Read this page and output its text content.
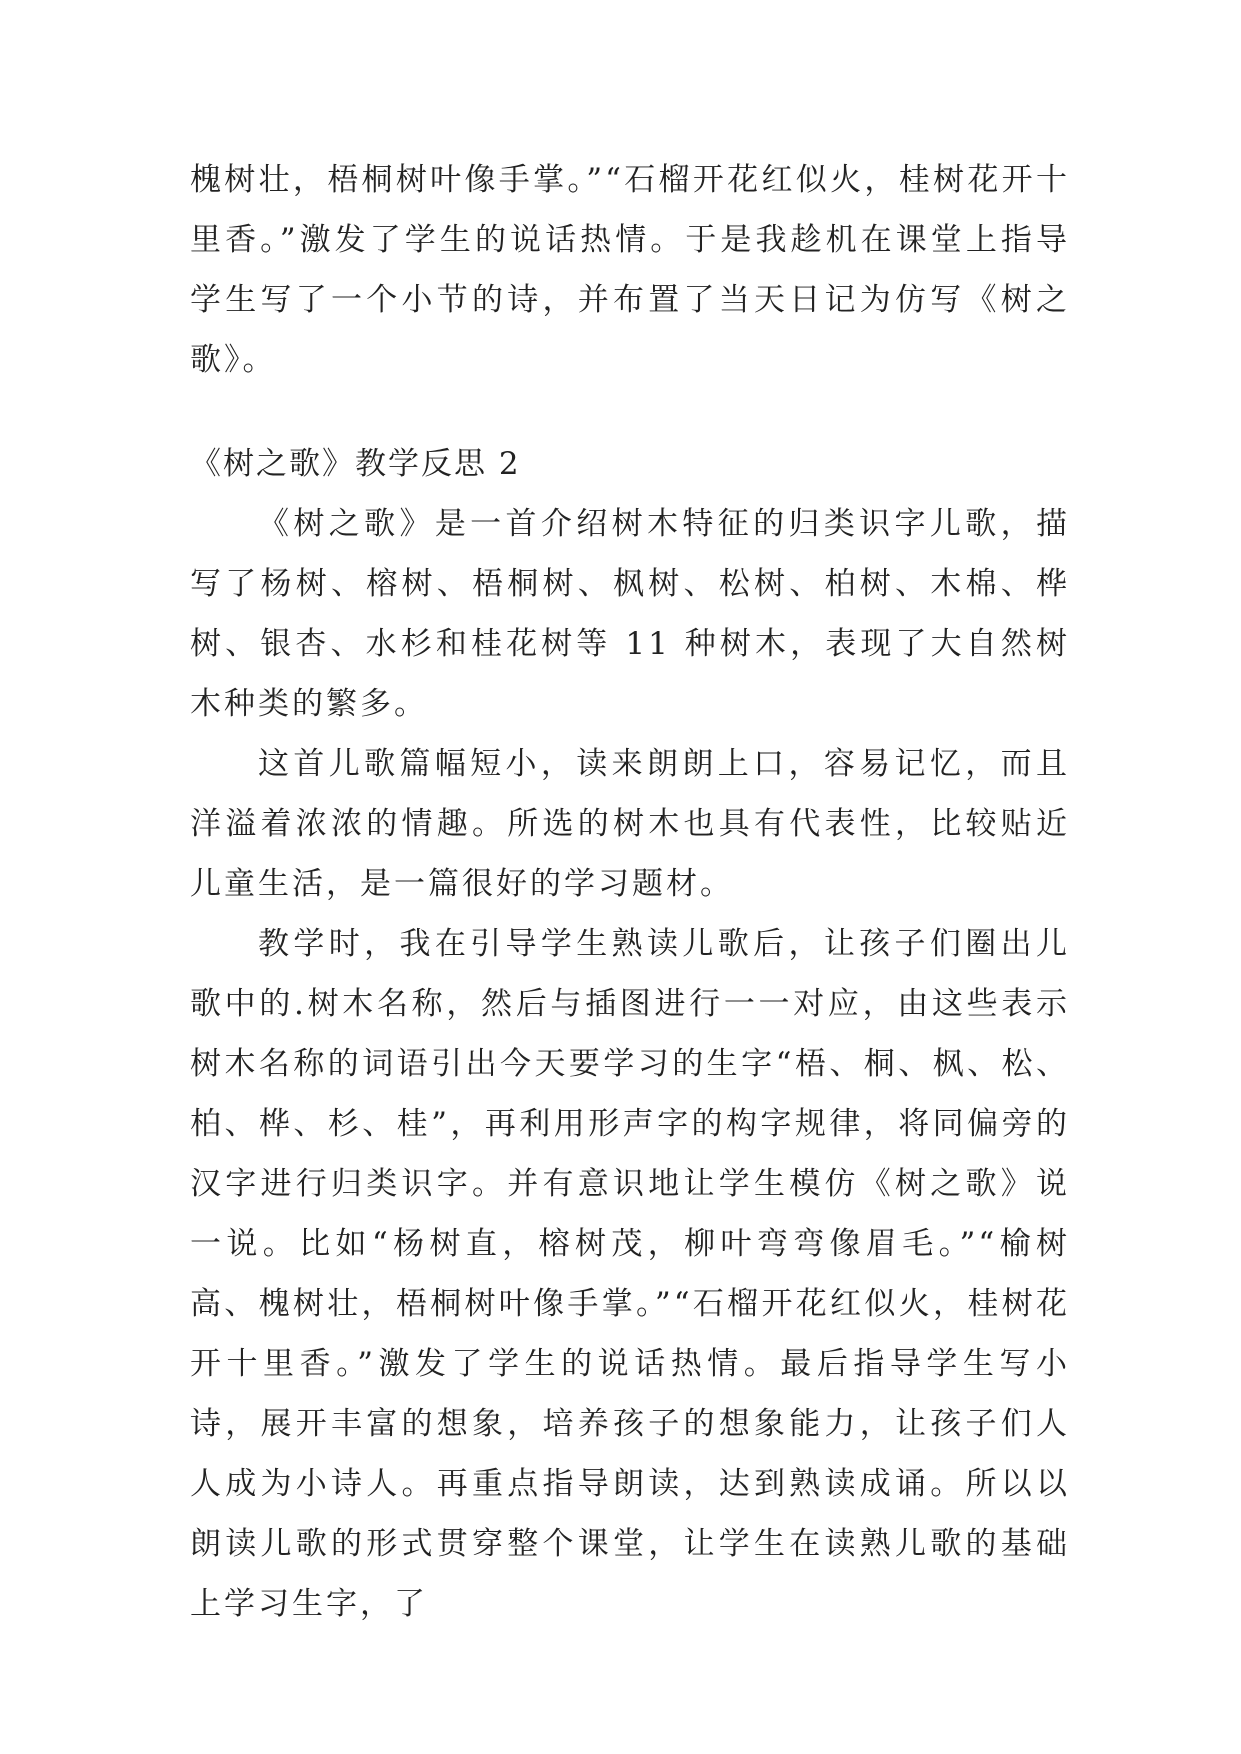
槐树壮，梧桐树叶像手掌。”“石榴开花红似火，桂树花开十里香。”激发了学生的说话热情。于是我趁机在课堂上指导学生写了一个小节的诗，并布置了当天日记为仿写《树之歌》。

《树之歌》教学反思 2

《树之歌》是一首介绍树木特征的归类识字儿歌，描写了杨树、榕树、梧桐树、枫树、松树、柏树、木棉、桦树、银杏、水杉和桂花树等 11 种树木，表现了大自然树木种类的繁多。

这首儿歌篇幅短小，读来朗朗上口，容易记忆，而且洋溢着浓浓的情趣。所选的树木也具有代表性，比较贴近儿童生活，是一篇很好的学习题材。

教学时，我在引导学生熟读儿歌后，让孩子们圈出儿歌中的.树木名称，然后与插图进行一一对应，由这些表示树木名称的词语引出今天要学习的生字“梧、桐、枫、松、柏、桦、杉、桂”，再利用形声字的构字规律，将同偏旁的汉字进行归类识字。并有意识地让学生模仿《树之歌》说一说。比如“杨树直，榕树茂，柳叶弯弯像眉毛。”“榆树高、槐树壮，梧桐树叶像手掌。”“石榴开花红似火，桂树花开十里香。”激发了学生的说话热情。最后指导学生写小诗，展开丰富的想象，培养孩子的想象能力，让孩子们人人成为小诗人。再重点指导朗读，达到熟读成诵。所以以朗读儿歌的形式贯穿整个课堂，让学生在读熟儿歌的基础上学习生字，了
